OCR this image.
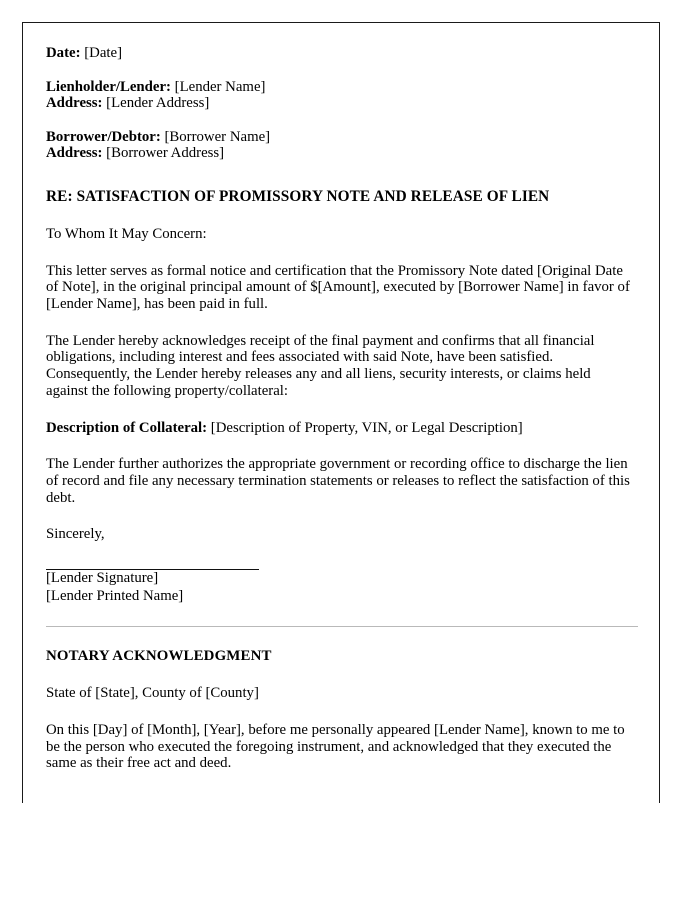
Date: [Date]

Lienholder/Lender: [Lender Name]

Address: [Lender Address]

Borrower/Debtor: [Borrower Name]

Address: [Borrower Address]

RE: SATISFACTION OF PROMISSORY NOTE AND RELEASE OF LIEN

To Whom It May Concern:

This letter serves as formal notice and certification that the Promissory Note dated [Original Date of Note], in the original principal amount of $[Amount], executed by [Borrower Name] in favor of [Lender Name], has been paid in full.

The Lender hereby acknowledges receipt of the final payment and confirms that all financial obligations, including interest and fees associated with said Note, have been satisfied. Consequently, the Lender hereby releases any and all liens, security interests, or claims held against the following property/collateral:

Description of Collateral: [Description of Property, VIN, or Legal Description]

The Lender further authorizes the appropriate government or recording office to discharge the lien of record and file any necessary termination statements or releases to reflect the satisfaction of this debt.

Sincerely,

[Lender Signature]

[Lender Printed Name]

NOTARY ACKNOWLEDGMENT

State of [State], County of [County]

On this [Day] of [Month], [Year], before me personally appeared [Lender Name], known to me to be the person who executed the foregoing instrument, and acknowledged that they executed the same as their free act and deed.
